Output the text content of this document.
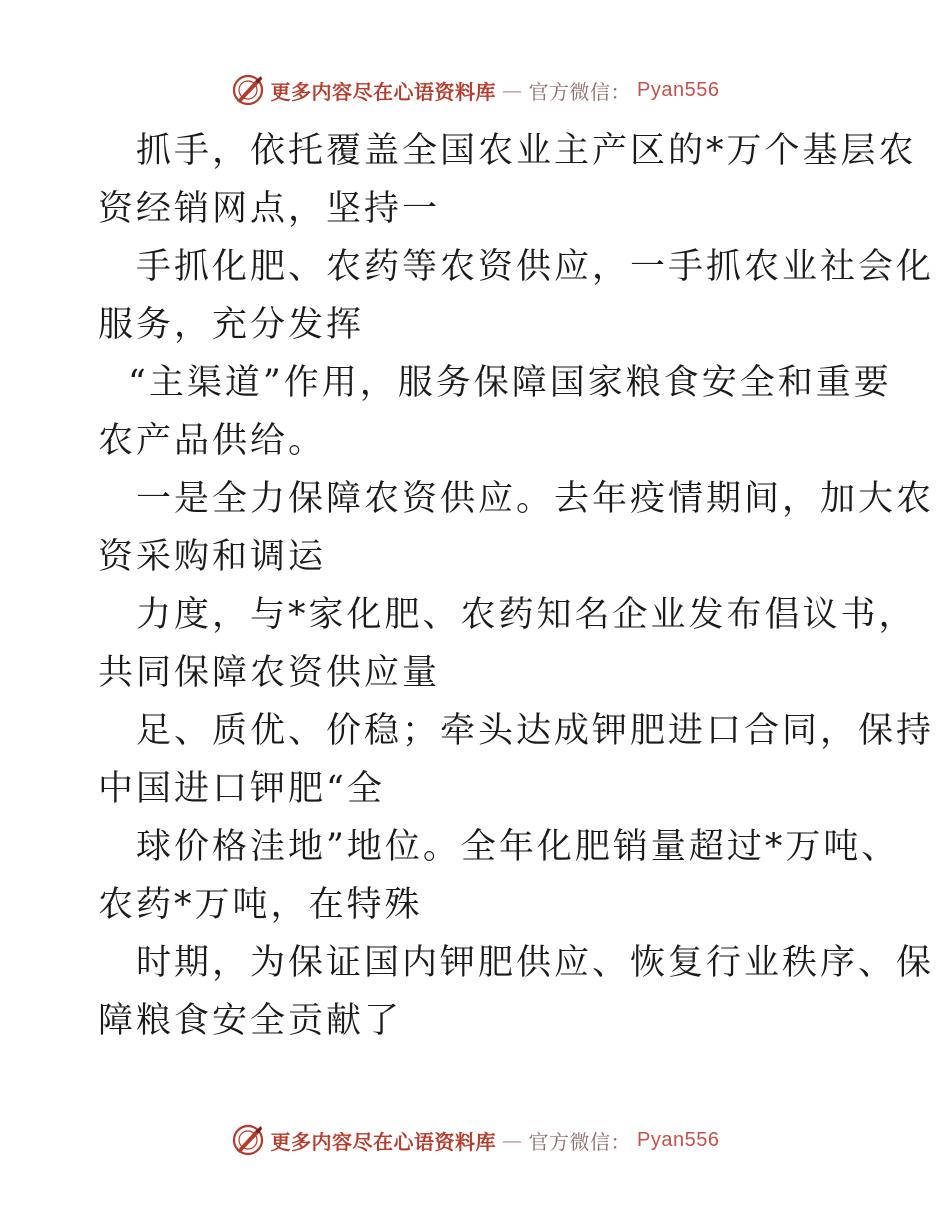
更多内容尽在心语资料库 — 官方微信： Pyan556
抓手，依托覆盖全国农业主产区的*万个基层农
资经销网点，坚持一
手抓化肥、农药等农资供应，一手抓农业社会化
服务，充分发挥
“主渠道”作用，服务保障国家粮食安全和重要
农产品供给。
一是全力保障农资供应。去年疫情期间，加大农
资采购和调运
力度，与*家化肥、农药知名企业发布倡议书，
共同保障农资供应量
足、质优、价稳；牵头达成钾肥进口合同，保持
中国进口钾肥“全
球价格洼地”地位。全年化肥销量超过*万吨、
农药*万吨，在特殊
时期，为保证国内钾肥供应、恢复行业秩序、保
障粮食安全贡献了
更多内容尽在心语资料库 — 官方微信： Pyan556
